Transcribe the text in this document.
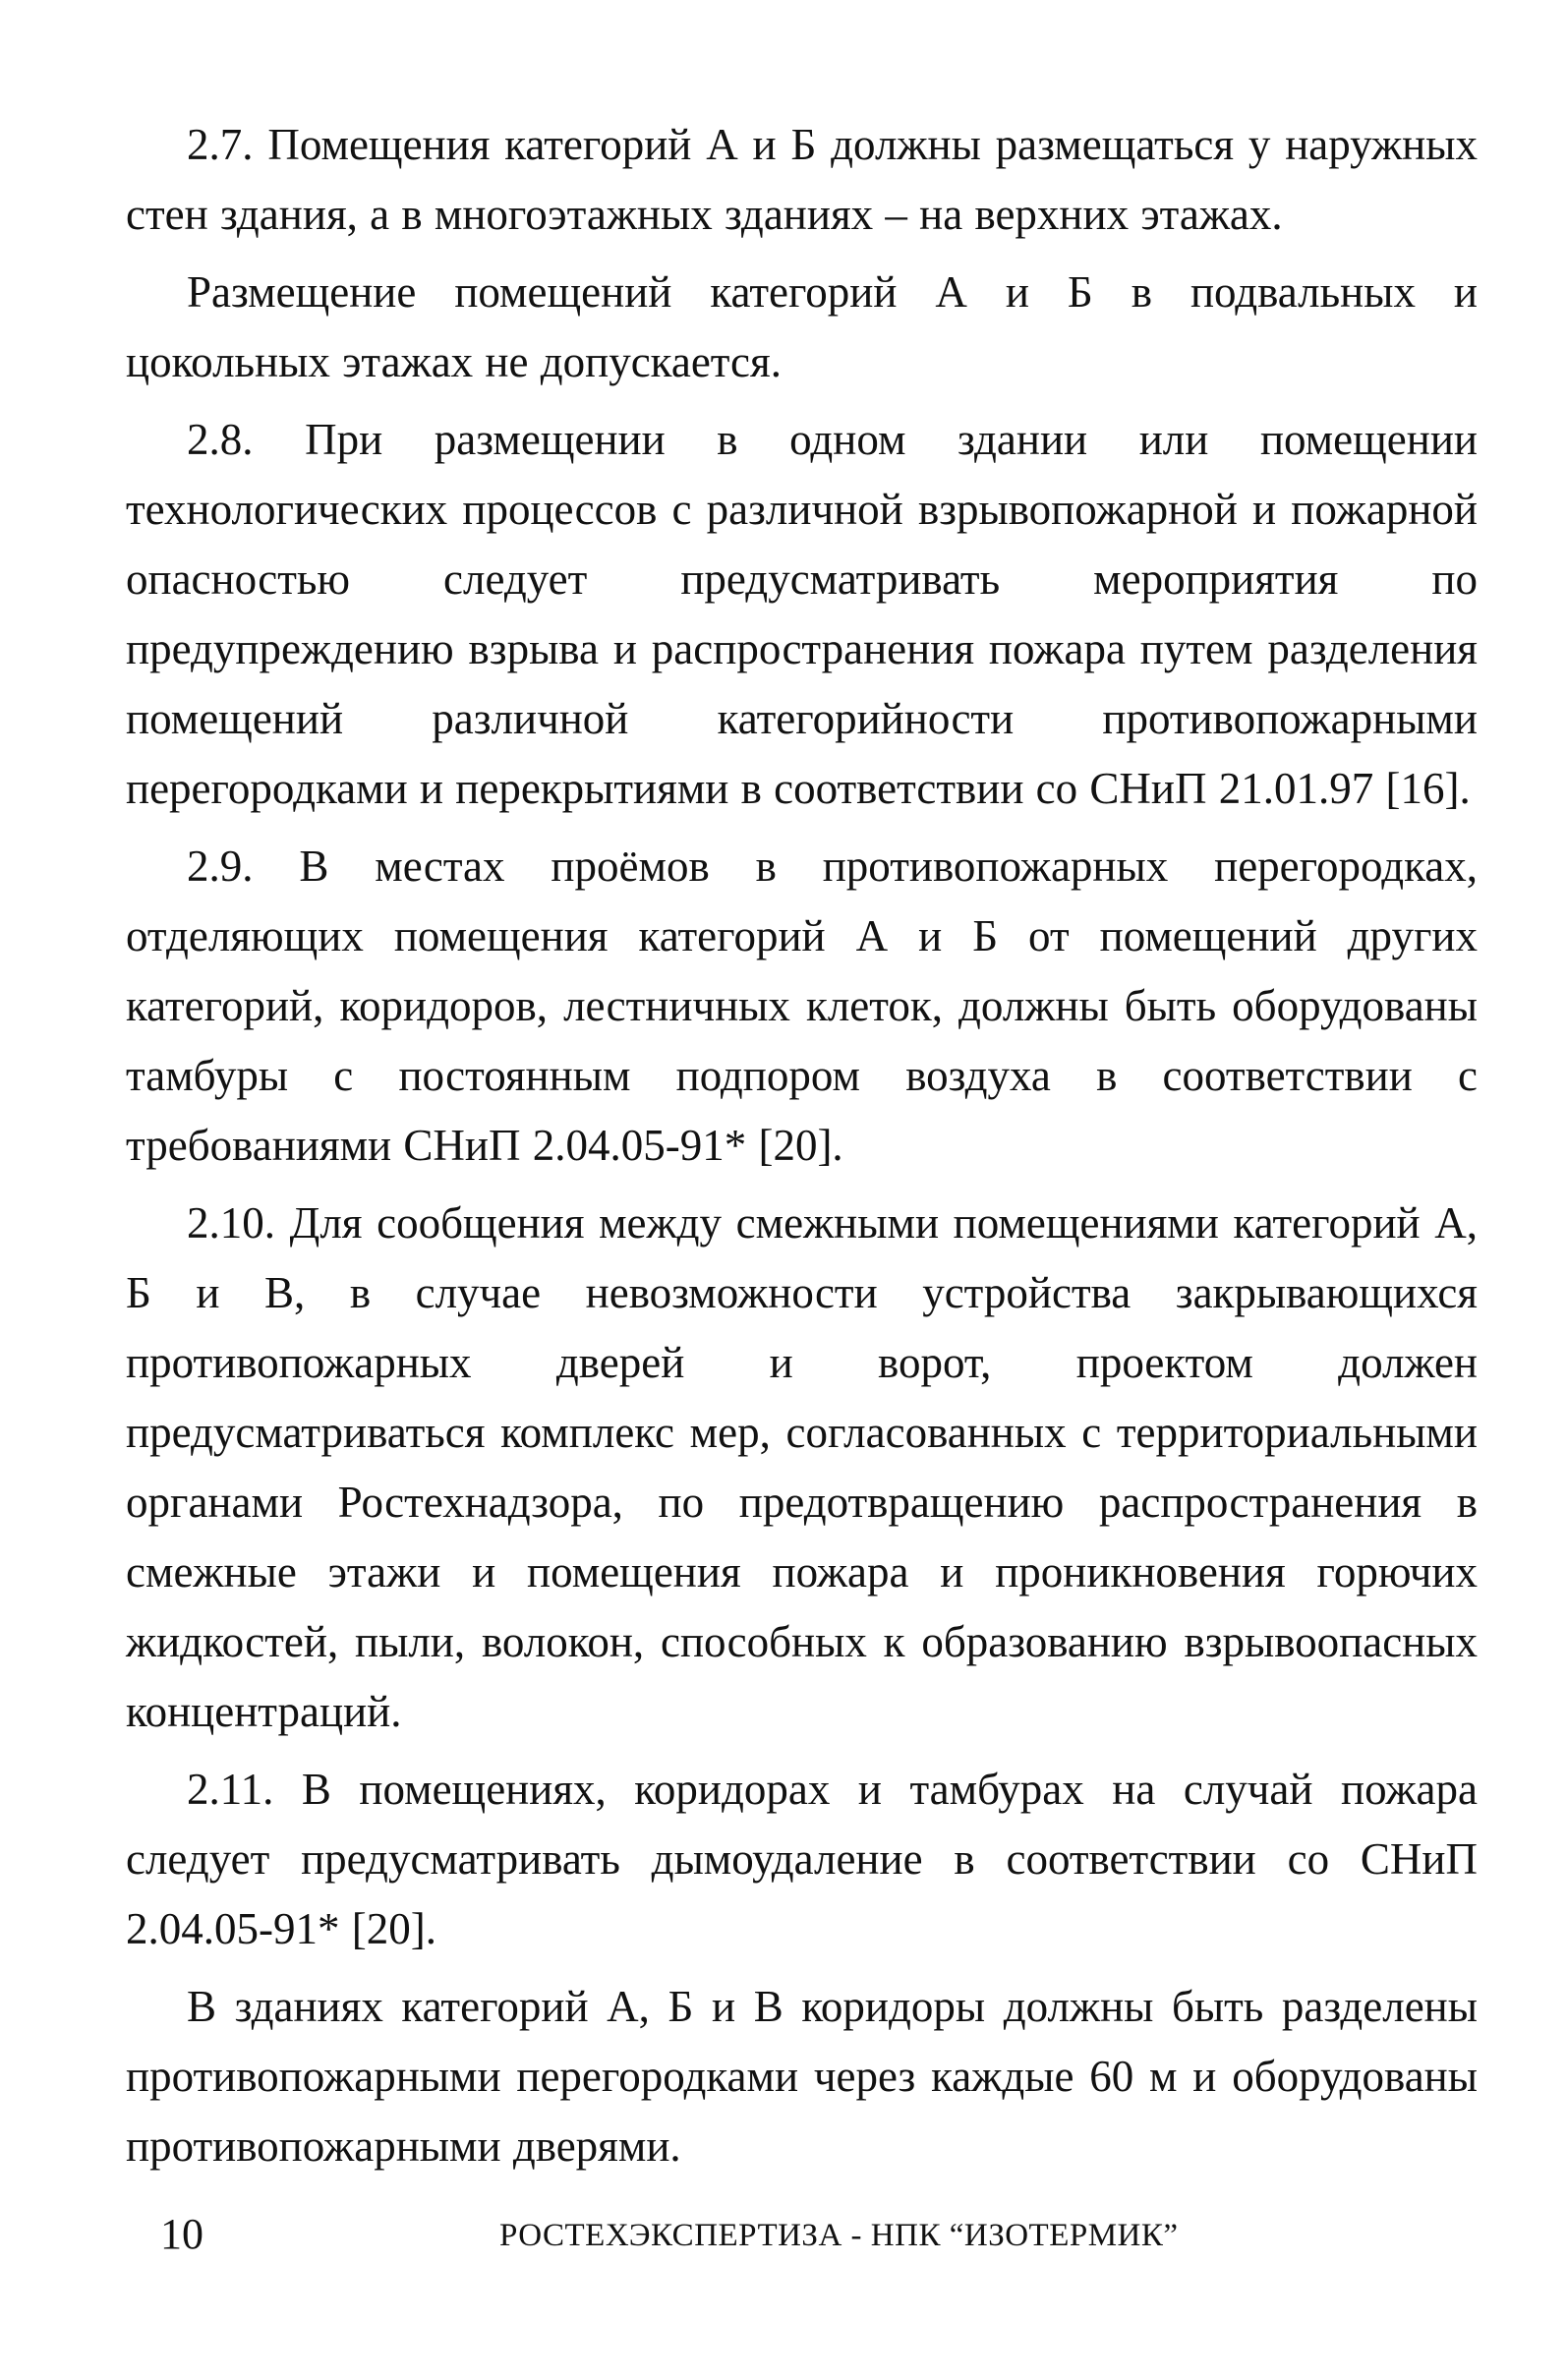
2.7. Помещения категорий А и Б должны размещаться у наружных стен здания, а в многоэтажных зданиях – на верхних этажах.

Размещение помещений категорий А и Б в подвальных и цокольных этажах не допускается.

2.8. При размещении в одном здании или помещении технологических процессов с различной взрывопожарной и пожарной опасностью следует предусматривать мероприятия по предупреждению взрыва и распространения пожара путем разделения помещений различной категорийности противопожарными перегородками и перекрытиями в соответствии со СНиП 21.01.97 [16].

2.9. В местах проёмов в противопожарных перегородках, отделяющих помещения категорий А и Б от помещений других категорий, коридоров, лестничных клеток, должны быть оборудованы тамбуры с постоянным подпором воздуха в соответствии с требованиями СНиП 2.04.05-91* [20].

2.10. Для сообщения между смежными помещениями категорий А, Б и В, в случае невозможности устройства закрывающихся противопожарных дверей и ворот, проектом должен предусматриваться комплекс мер, согласованных с территориальными органами Ростехнадзора, по предотвращению распространения в смежные этажи и помещения пожара и проникновения горючих жидкостей, пыли, волокон, способных к образованию взрывоопасных концентраций.

2.11. В помещениях, коридорах и тамбурах на случай пожара следует предусматривать дымоудаление в соответствии со СНиП 2.04.05-91* [20].

В зданиях категорий А, Б и В коридоры должны быть разделены противопожарными перегородками через каждые 60 м и оборудованы противопожарными дверями.

10	РОСТЕХЭКСПЕРТИЗА - НПК “ИЗОТЕРМИК”
